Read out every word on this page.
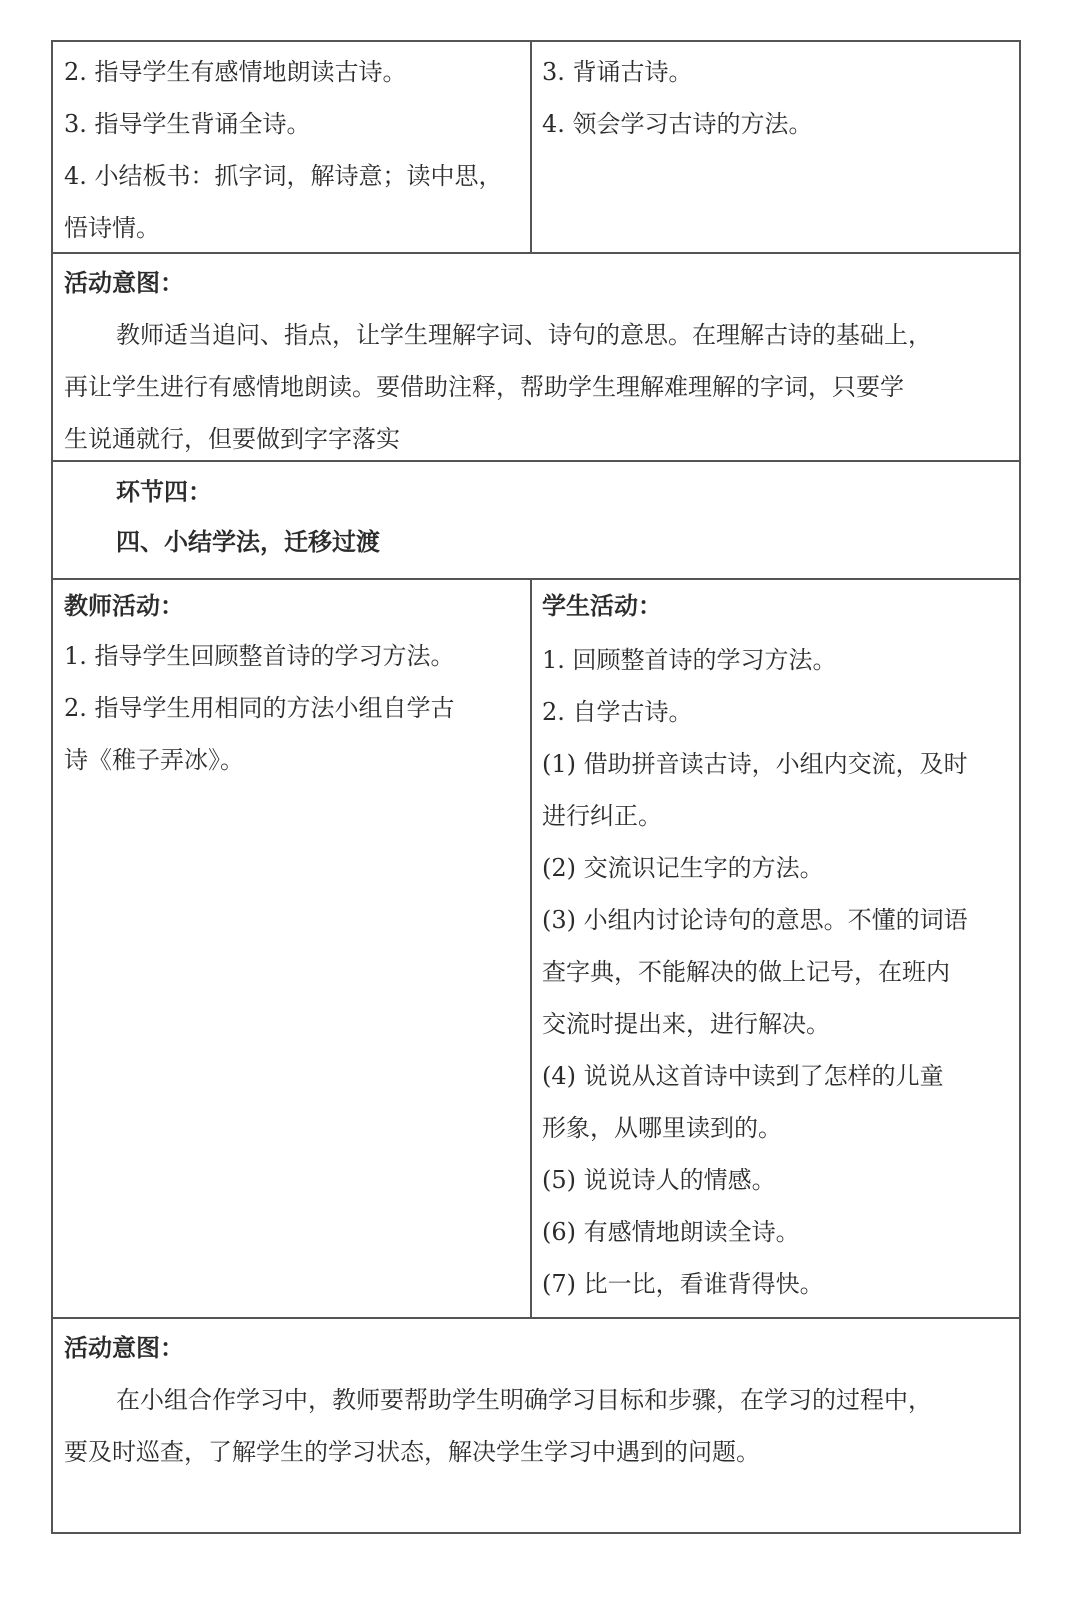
2. 指导学生有感情地朗读古诗。

3. 指导学生背诵全诗。

4. 小结板书：抓字词，解诗意；读中思，

悟诗情。

3. 背诵古诗。

4. 领会学习古诗的方法。

活动意图：

教师适当追问、指点，让学生理解字词、诗句的意思。在理解古诗的基础上，

再让学生进行有感情地朗读。要借助注释，帮助学生理解难理解的字词，只要学

生说通就行，但要做到字字落实

环节四：

四、小结学法，迁移过渡

教师活动：

1. 指导学生回顾整首诗的学习方法。

2. 指导学生用相同的方法小组自学古

诗《稚子弄冰》。

学生活动：

1. 回顾整首诗的学习方法。

2. 自学古诗。

(1) 借助拼音读古诗，小组内交流，及时

进行纠正。

(2) 交流识记生字的方法。

(3) 小组内讨论诗句的意思。不懂的词语

查字典，不能解决的做上记号，在班内

交流时提出来，进行解决。

(4) 说说从这首诗中读到了怎样的儿童

形象，从哪里读到的。

(5) 说说诗人的情感。

(6) 有感情地朗读全诗。

(7) 比一比，看谁背得快。

活动意图：

在小组合作学习中，教师要帮助学生明确学习目标和步骤，在学习的过程中，

要及时巡查，了解学生的学习状态，解决学生学习中遇到的问题。
